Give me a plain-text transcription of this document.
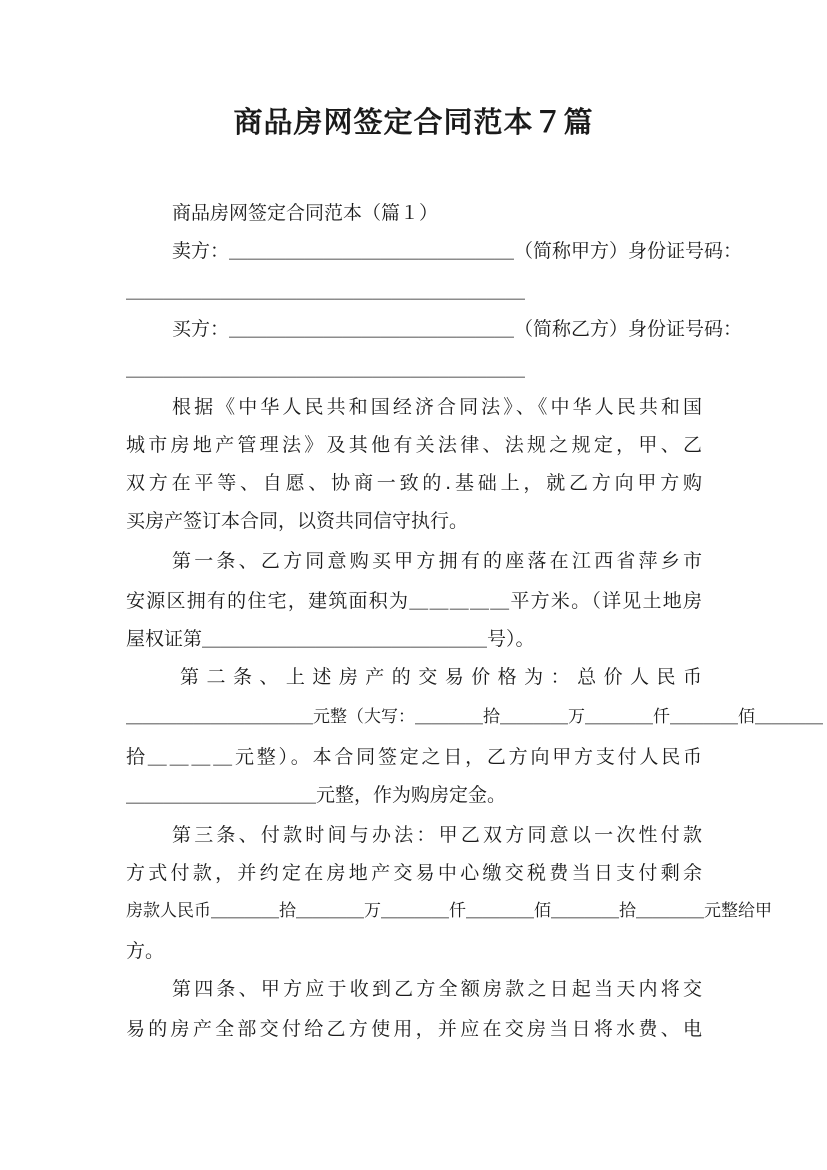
商品房网签定合同范本７篇
商品房网签定合同范本（篇１）
卖方：＿＿＿＿＿＿＿＿＿＿＿＿＿＿＿（简称甲方）身份证号码：
＿＿＿＿＿＿＿＿＿＿＿＿＿＿＿＿＿＿＿＿＿
买方：＿＿＿＿＿＿＿＿＿＿＿＿＿＿＿（简称乙方）身份证号码：
＿＿＿＿＿＿＿＿＿＿＿＿＿＿＿＿＿＿＿＿＿
根据《中华人民共和国经济合同法》、《中华人民共和国
城市房地产管理法》及其他有关法律、法规之规定，甲、乙
双方在平等、自愿、协商一致的.基础上，就乙方向甲方购
买房产签订本合同，以资共同信守执行。
第一条、乙方同意购买甲方拥有的座落在江西省萍乡市
安源区拥有的住宅，建筑面积为＿＿＿＿＿平方米。（详见土地房
屋权证第＿＿＿＿＿＿＿＿＿＿＿＿＿＿＿号）。
第二条、上述房产的交易价格为：总价人民币
＿＿＿＿＿＿＿＿＿＿＿元整（大写：＿＿＿＿拾＿＿＿＿万＿＿＿＿仟＿＿＿＿佰＿＿＿＿
拾＿＿＿＿元整）。本合同签定之日，乙方向甲方支付人民币
＿＿＿＿＿＿＿＿＿＿元整，作为购房定金。
第三条、付款时间与办法：甲乙双方同意以一次性付款
方式付款，并约定在房地产交易中心缴交税费当日支付剩余
房款人民币＿＿＿＿拾＿＿＿＿万＿＿＿＿仟＿＿＿＿佰＿＿＿＿拾＿＿＿＿元整给甲
方。
第四条、甲方应于收到乙方全额房款之日起当天内将交
易的房产全部交付给乙方使用，并应在交房当日将水费、电
